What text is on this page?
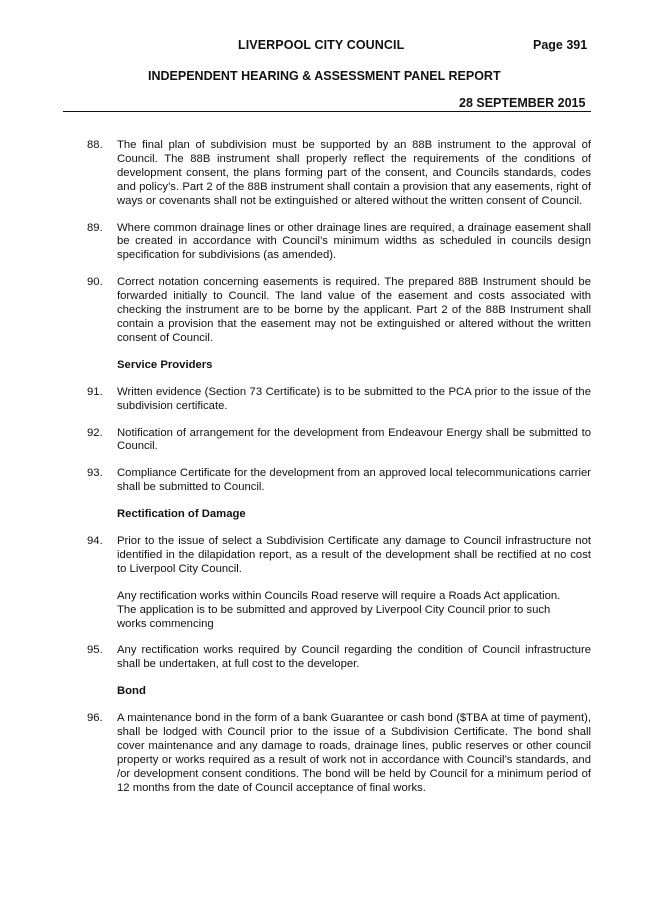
LIVERPOOL CITY COUNCIL	Page 391
INDEPENDENT HEARING & ASSESSMENT PANEL REPORT
28 SEPTEMBER 2015
88. The final plan of subdivision must be supported by an 88B instrument to the approval of Council. The 88B instrument shall properly reflect the requirements of the conditions of development consent, the plans forming part of the consent, and Councils standards, codes and policy’s. Part 2 of the 88B instrument shall contain a provision that any easements, right of ways or covenants shall not be extinguished or altered without the written consent of Council.
89. Where common drainage lines or other drainage lines are required, a drainage easement shall be created in accordance with Council’s minimum widths as scheduled in councils design specification for subdivisions (as amended).
90. Correct notation concerning easements is required. The prepared 88B Instrument should be forwarded initially to Council. The land value of the easement and costs associated with checking the instrument are to be borne by the applicant. Part 2 of the 88B Instrument shall contain a provision that the easement may not be extinguished or altered without the written consent of Council.
Service Providers
91. Written evidence (Section 73 Certificate) is to be submitted to the PCA prior to the issue of the subdivision certificate.
92. Notification of arrangement for the development from Endeavour Energy shall be submitted to Council.
93. Compliance Certificate for the development from an approved local telecommunications carrier shall be submitted to Council.
Rectification of Damage
94. Prior to the issue of select a Subdivision Certificate any damage to Council infrastructure not identified in the dilapidation report, as a result of the development shall be rectified at no cost to Liverpool City Council.
Any rectification works within Councils Road reserve will require a Roads Act application.
The application is to be submitted and approved by Liverpool City Council prior to such
works commencing
95. Any rectification works required by Council regarding the condition of Council infrastructure shall be undertaken, at full cost to the developer.
Bond
96. A maintenance bond in the form of a bank Guarantee or cash bond ($TBA at time of payment), shall be lodged with Council prior to the issue of a Subdivision Certificate. The bond shall cover maintenance and any damage to roads, drainage lines, public reserves or other council property or works required as a result of work not in accordance with Council’s standards, and /or development consent conditions. The bond will be held by Council for a minimum period of 12 months from the date of Council acceptance of final works.
